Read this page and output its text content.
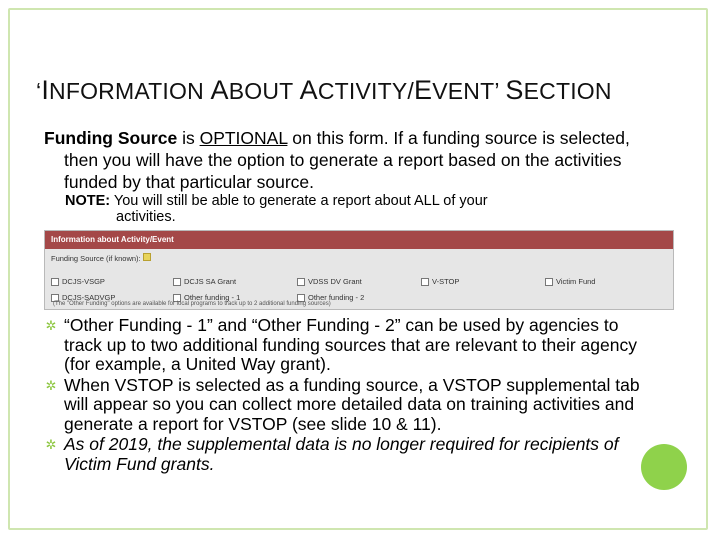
‘INFORMATION ABOUT ACTIVITY/EVENT’ SECTION
Funding Source is OPTIONAL on this form. If a funding source is selected, then you will have the option to generate a report based on the activities funded by that particular source.
NOTE: You will still be able to generate a report about ALL of your
activities.
Information about Activity/Event
Funding Source (if known):
DCJS-VSGP	DCJS SA Grant	VDSS DV Grant	V-STOP	Victim Fund
DCJS-SADVGP	Other funding - 1	Other funding - 2
(The "Other Funding" options are available for local programs to track up to 2 additional funding sources)
✲ “Other Funding - 1” and “Other Funding - 2” can be used by agencies to track up to two additional funding sources that are relevant to their agency (for example, a United Way grant).
✲ When VSTOP is selected as a funding source, a VSTOP supplemental tab will appear so you can collect more detailed data on training activities and generate a report for VSTOP (see slide 10 & 11).
✲ As of 2019, the supplemental data is no longer required for recipients of Victim Fund grants.
